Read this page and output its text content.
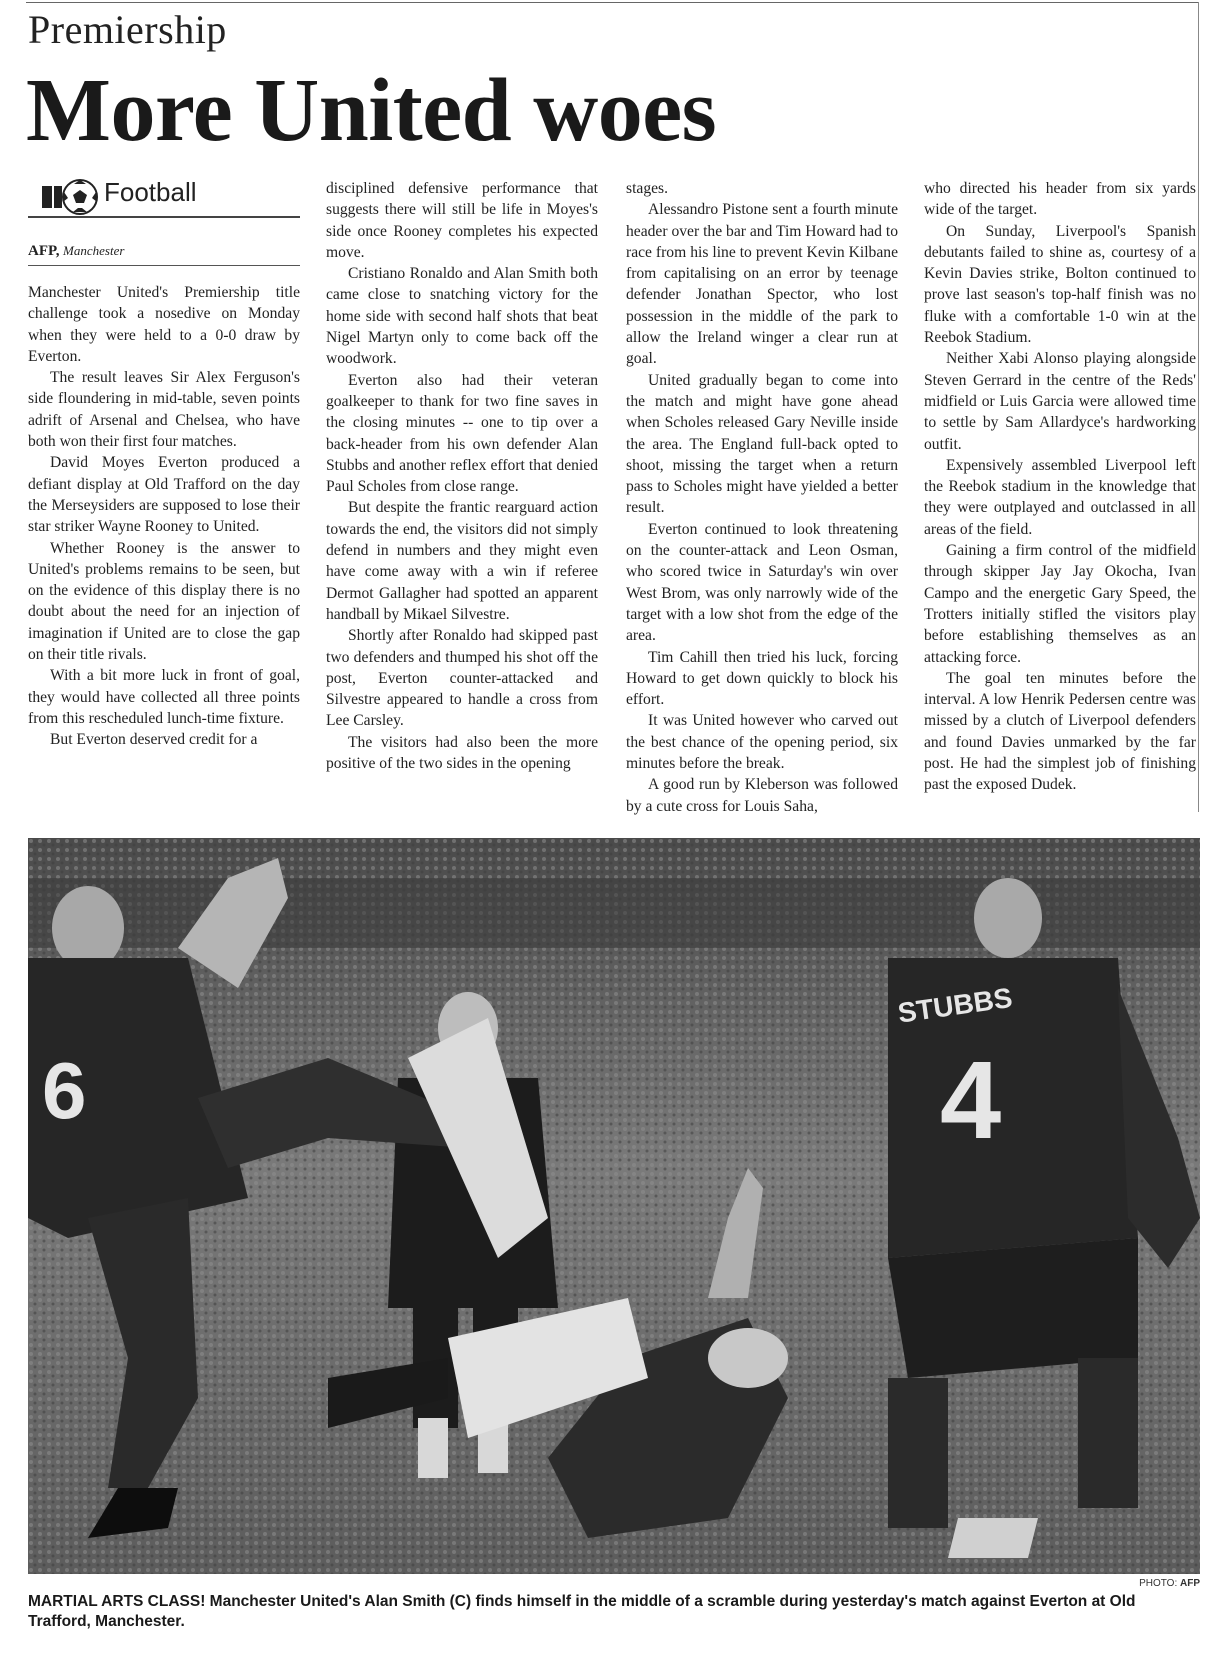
Premiership
More United woes
Football
AFP, Manchester

Manchester United's Premiership title challenge took a nosedive on Monday when they were held to a 0-0 draw by Everton.

The result leaves Sir Alex Ferguson's side floundering in mid-table, seven points adrift of Arsenal and Chelsea, who have both won their first four matches.

David Moyes Everton produced a defiant display at Old Trafford on the day the Merseysiders are supposed to lose their star striker Wayne Rooney to United.

Whether Rooney is the answer to United's problems remains to be seen, but on the evidence of this display there is no doubt about the need for an injection of imagination if United are to close the gap on their title rivals.

With a bit more luck in front of goal, they would have collected all three points from this rescheduled lunch-time fixture.

But Everton deserved credit for a

disciplined defensive performance that suggests there will still be life in Moyes's side once Rooney completes his expected move.

Cristiano Ronaldo and Alan Smith both came close to snatching victory for the home side with second half shots that beat Nigel Martyn only to come back off the woodwork.

Everton also had their veteran goalkeeper to thank for two fine saves in the closing minutes -- one to tip over a back-header from his own defender Alan Stubbs and another reflex effort that denied Paul Scholes from close range.

But despite the frantic rearguard action towards the end, the visitors did not simply defend in numbers and they might even have come away with a win if referee Dermot Gallagher had spotted an apparent handball by Mikael Silvestre.

Shortly after Ronaldo had skipped past two defenders and thumped his shot off the post, Everton counter-attacked and Silvestre appeared to handle a cross from Lee Carsley.

The visitors had also been the more positive of the two sides in the opening

stages.

Alessandro Pistone sent a fourth minute header over the bar and Tim Howard had to race from his line to prevent Kevin Kilbane from capitalising on an error by teenage defender Jonathan Spector, who lost possession in the middle of the park to allow the Ireland winger a clear run at goal.

United gradually began to come into the match and might have gone ahead when Scholes released Gary Neville inside the area. The England full-back opted to shoot, missing the target when a return pass to Scholes might have yielded a better result.

Everton continued to look threatening on the counter-attack and Leon Osman, who scored twice in Saturday's win over West Brom, was only narrowly wide of the target with a low shot from the edge of the area.

Tim Cahill then tried his luck, forcing Howard to get down quickly to block his effort.

It was United however who carved out the best chance of the opening period, six minutes before the break.

A good run by Kleberson was followed by a cute cross for Louis Saha,

who directed his header from six yards wide of the target.

On Sunday, Liverpool's Spanish debutants failed to shine as, courtesy of a Kevin Davies strike, Bolton continued to prove last season's top-half finish was no fluke with a comfortable 1-0 win at the Reebok Stadium.

Neither Xabi Alonso playing alongside Steven Gerrard in the centre of the Reds' midfield or Luis Garcia were allowed time to settle by Sam Allardyce's hardworking outfit.

Expensively assembled Liverpool left the Reebok stadium in the knowledge that they were outplayed and outclassed in all areas of the field.

Gaining a firm control of the midfield through skipper Jay Jay Okocha, Ivan Campo and the energetic Gary Speed, the Trotters initially stifled the visitors play before establishing themselves as an attacking force.

The goal ten minutes before the interval. A low Henrik Pedersen centre was missed by a clutch of Liverpool defenders and found Davies unmarked by the far post. He had the simplest job of finishing past the exposed Dudek.

6
STUBBS
4
PHOTO: AFP
MARTIAL ARTS CLASS! Manchester United's Alan Smith (C) finds himself in the middle of a scramble during yesterday's match against Everton at Old Trafford, Manchester.
